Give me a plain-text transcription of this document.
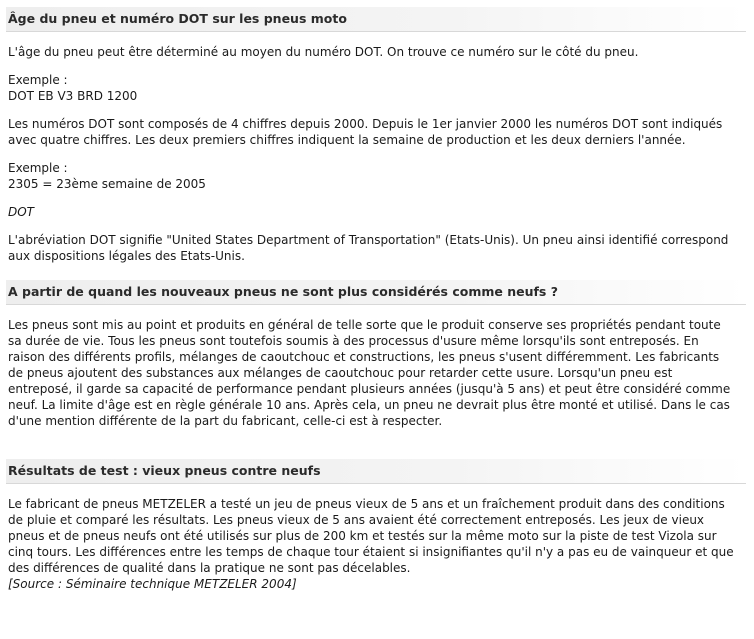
Âge du pneu et numéro DOT sur les pneus moto

L'âge du pneu peut être déterminé au moyen du numéro DOT. On trouve ce numéro sur le côté du pneu.

Exemple :

DOT EB V3 BRD 1200

Les numéros DOT sont composés de 4 chiffres depuis 2000. Depuis le 1er janvier 2000 les numéros DOT sont indiqués avec quatre chiffres. Les deux premiers chiffres indiquent la semaine de production et les deux derniers l'année.

Exemple :

2305 = 23ème semaine de 2005

DOT

L'abréviation DOT signifie "United States Department of Transportation" (Etats-Unis). Un pneu ainsi identifié correspond aux dispositions légales des Etats-Unis.

A partir de quand les nouveaux pneus ne sont plus considérés comme neufs ?

Les pneus sont mis au point et produits en général de telle sorte que le produit conserve ses propriétés pendant toute sa durée de vie. Tous les pneus sont toutefois soumis à des processus d'usure même lorsqu'ils sont entreposés. En raison des différents profils, mélanges de caoutchouc et constructions, les pneus s'usent différemment. Les fabricants de pneus ajoutent des substances aux mélanges de caoutchouc pour retarder cette usure. Lorsqu'un pneu est entreposé, il garde sa capacité de performance pendant plusieurs années (jusqu'à 5 ans) et peut être considéré comme neuf. La limite d'âge est en règle générale 10 ans. Après cela, un pneu ne devrait plus être monté et utilisé. Dans le cas d'une mention différente de la part du fabricant, celle-ci est à respecter.

Résultats de test : vieux pneus contre neufs

Le fabricant de pneus METZELER a testé un jeu de pneus vieux de 5 ans et un fraîchement produit dans des conditions de pluie et comparé les résultats. Les pneus vieux de 5 ans avaient été correctement entreposés. Les jeux de vieux pneus et de pneus neufs ont été utilisés sur plus de 200 km et testés sur la même moto sur la piste de test Vizola sur cinq tours. Les différences entre les temps de chaque tour étaient si insignifiantes qu'il n'y a pas eu de vainqueur et que des différences de qualité dans la pratique ne sont pas décelables.

[Source : Séminaire technique METZELER 2004]
